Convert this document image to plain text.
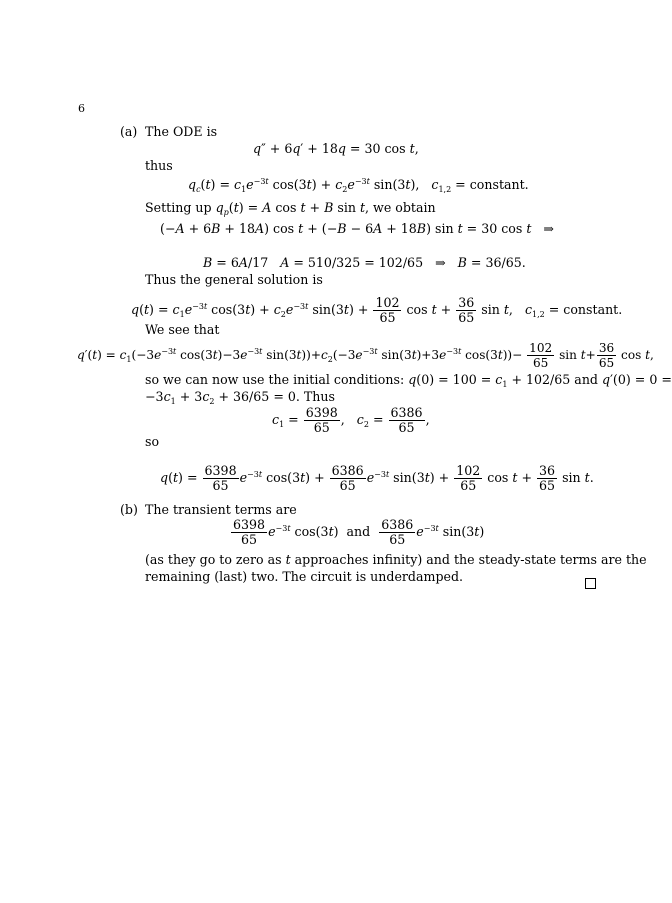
6
(a) The ODE is
q″ + 6q′ + 18q = 30 cos t,
thus
$q_c(t) = c_1e^{-3t}$ $\cos(3t) + c_2e^{-3t}$ sin(3t),   $c_{1,2}$ = constant.
Setting up $q_p(t) = A$ cos t + B sin t, we obtain
(−A + 6B + 18A) cos t + (−B − 6A + 18B) sin t = 30 cos t   ⇒
B = 6A/17   A = 510/325 = 102/65   ⇒   B = 36/65.
Thus the general solution is
$q(t) = c_1e^{-3t}$ $\cos(3t) + c_2e^{-3t}$ $\sin(3t) + \frac{102}{65}$ $\cos t + \frac{36}{65}$ sin t,   $c_{1,2}$ = constant.
We see that
$q'(t) = c_1(-3e^{-3t}$ $\cos(3t)-3e^{-3t}$ $\sin(3t))+c_2(-3e^{-3t}$ $\sin(3t)+3e^{-3t}$ $\cos(3t))- \frac{102}{65}$ $\sin t+ \frac{36}{65}$ cos t,
so we can now use the initial conditions: $q(0) = 100 = c_1 + 102/65$ and q′(0) = 0 =
$-3c_1 + 3c_2 + 36/65 = 0$. Thus
$c_1 = \frac{6398}{65}$ ,   $c_2 = \frac{6386}{65}$ ,
so
$q(t) = \frac{6398}{65} e^{-3t}$ $\cos(3t) + \frac{6386}{65} e^{-3t}$ $\sin(3t) + \frac{102}{65}$ $\cos t + \frac{36}{65}$ sin t.
(b) The transient terms are
$\frac{6398}{65} e^{-3t}$ cos(3t)  and $\frac{6386}{65} e^{-3t}$ sin(3t)
(as they go to zero as t approaches infinity) and the steady-state terms are the
remaining (last) two. The circuit is underdamped.
